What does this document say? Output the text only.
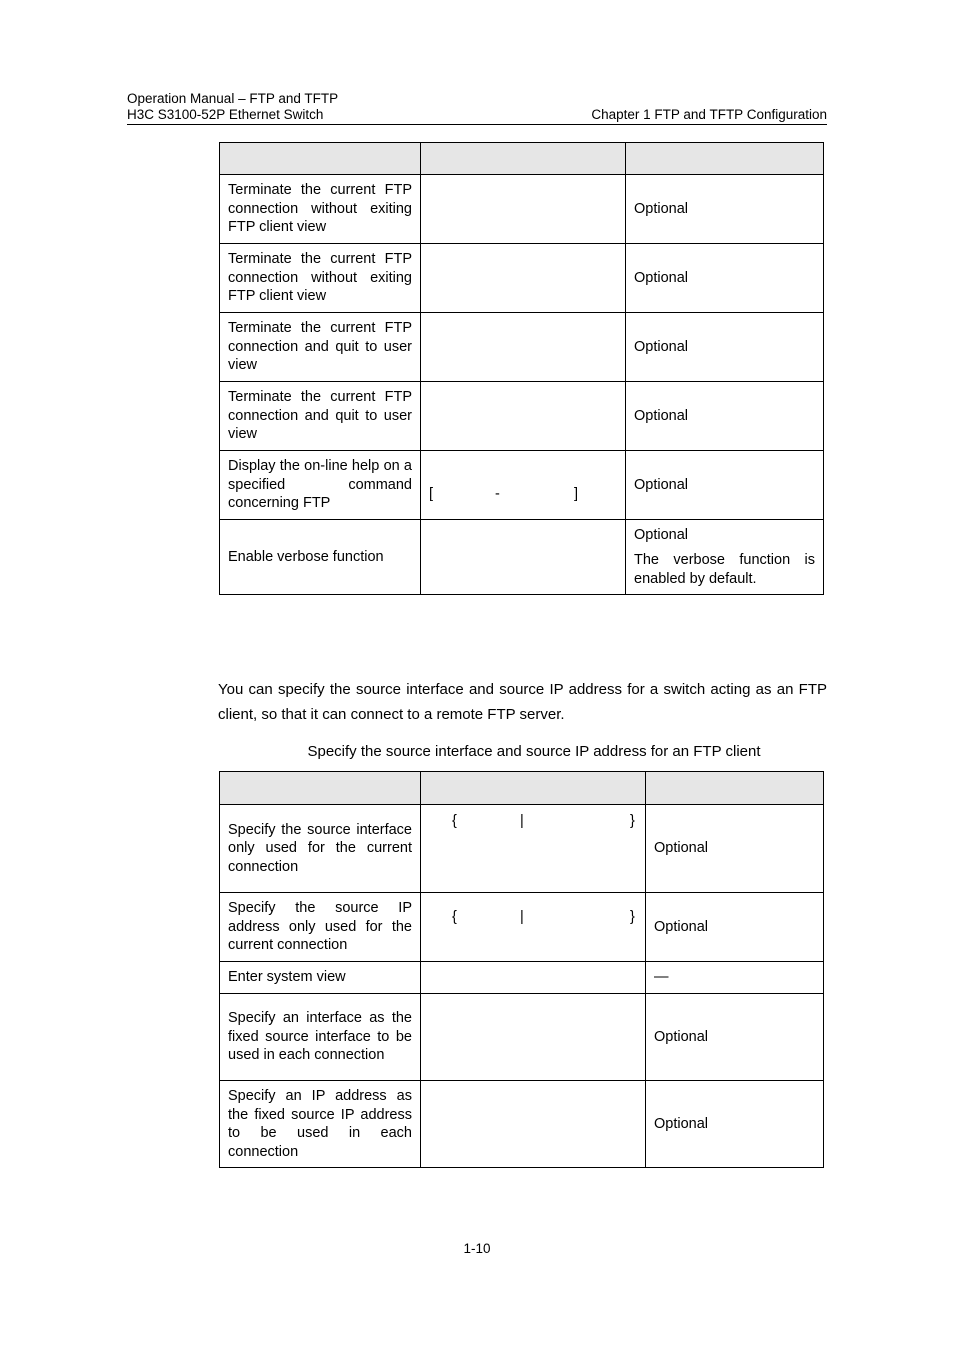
Operation Manual – FTP and TFTP
H3C S3100-52P Ethernet Switch	Chapter 1 FTP and TFTP Configuration

Terminate the current FTP connection without exiting FTP client view		Optional
Terminate the current FTP connection without exiting FTP client view		Optional
Terminate the current FTP connection and quit to user view		Optional
Terminate the current FTP connection and quit to user view		Optional
Display the on-line help on a specified command concerning FTP	[ - ]	Optional
Enable verbose function		Optional

The verbose function is enabled by default.

You can specify the source interface and source IP address for a switch acting as an FTP client, so that it can connect to a remote FTP server.
Specify the source interface and source IP address for an FTP client

Specify the source interface only used for the current connection	{ | }	Optional
Specify the source IP address only used for the current connection	{ | }	Optional
Enter system view		—
Specify an interface as the fixed source interface to be used in each connection		Optional
Specify an IP address as the fixed source IP address to be used in each connection		Optional
1-10
